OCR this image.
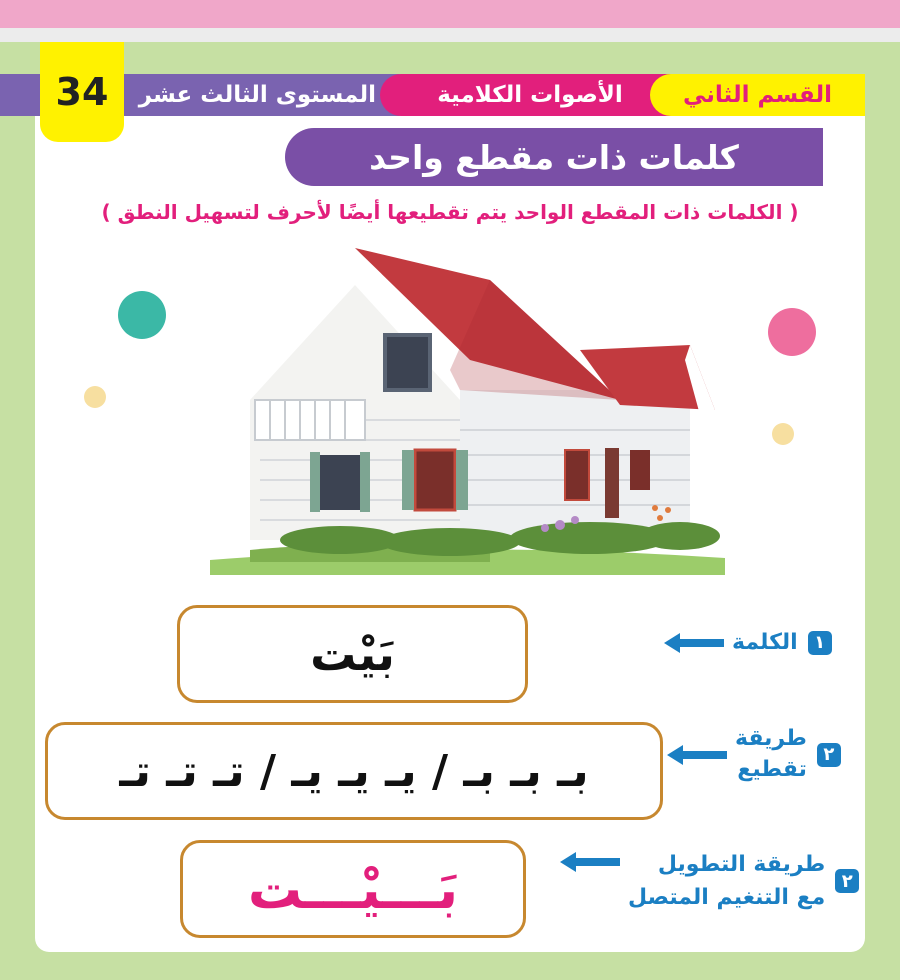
المستوى الثالث عشر	الأصوات الكلامية	القسم الثاني
34
كلمات ذات مقطع واحد
( الكلمات ذات المقطع الواحد يتم تقطيعها أيضًا لأحرف لتسهيل النطق )
بَيْت
بـ بـ بـ / يـ يـ يـ / تـ تـ تـ
بَـــيْـــت
١
الكلمة
٢
طريقة
تقطيع
٢
طريقة التطويل
مع التنغيم المتصل
